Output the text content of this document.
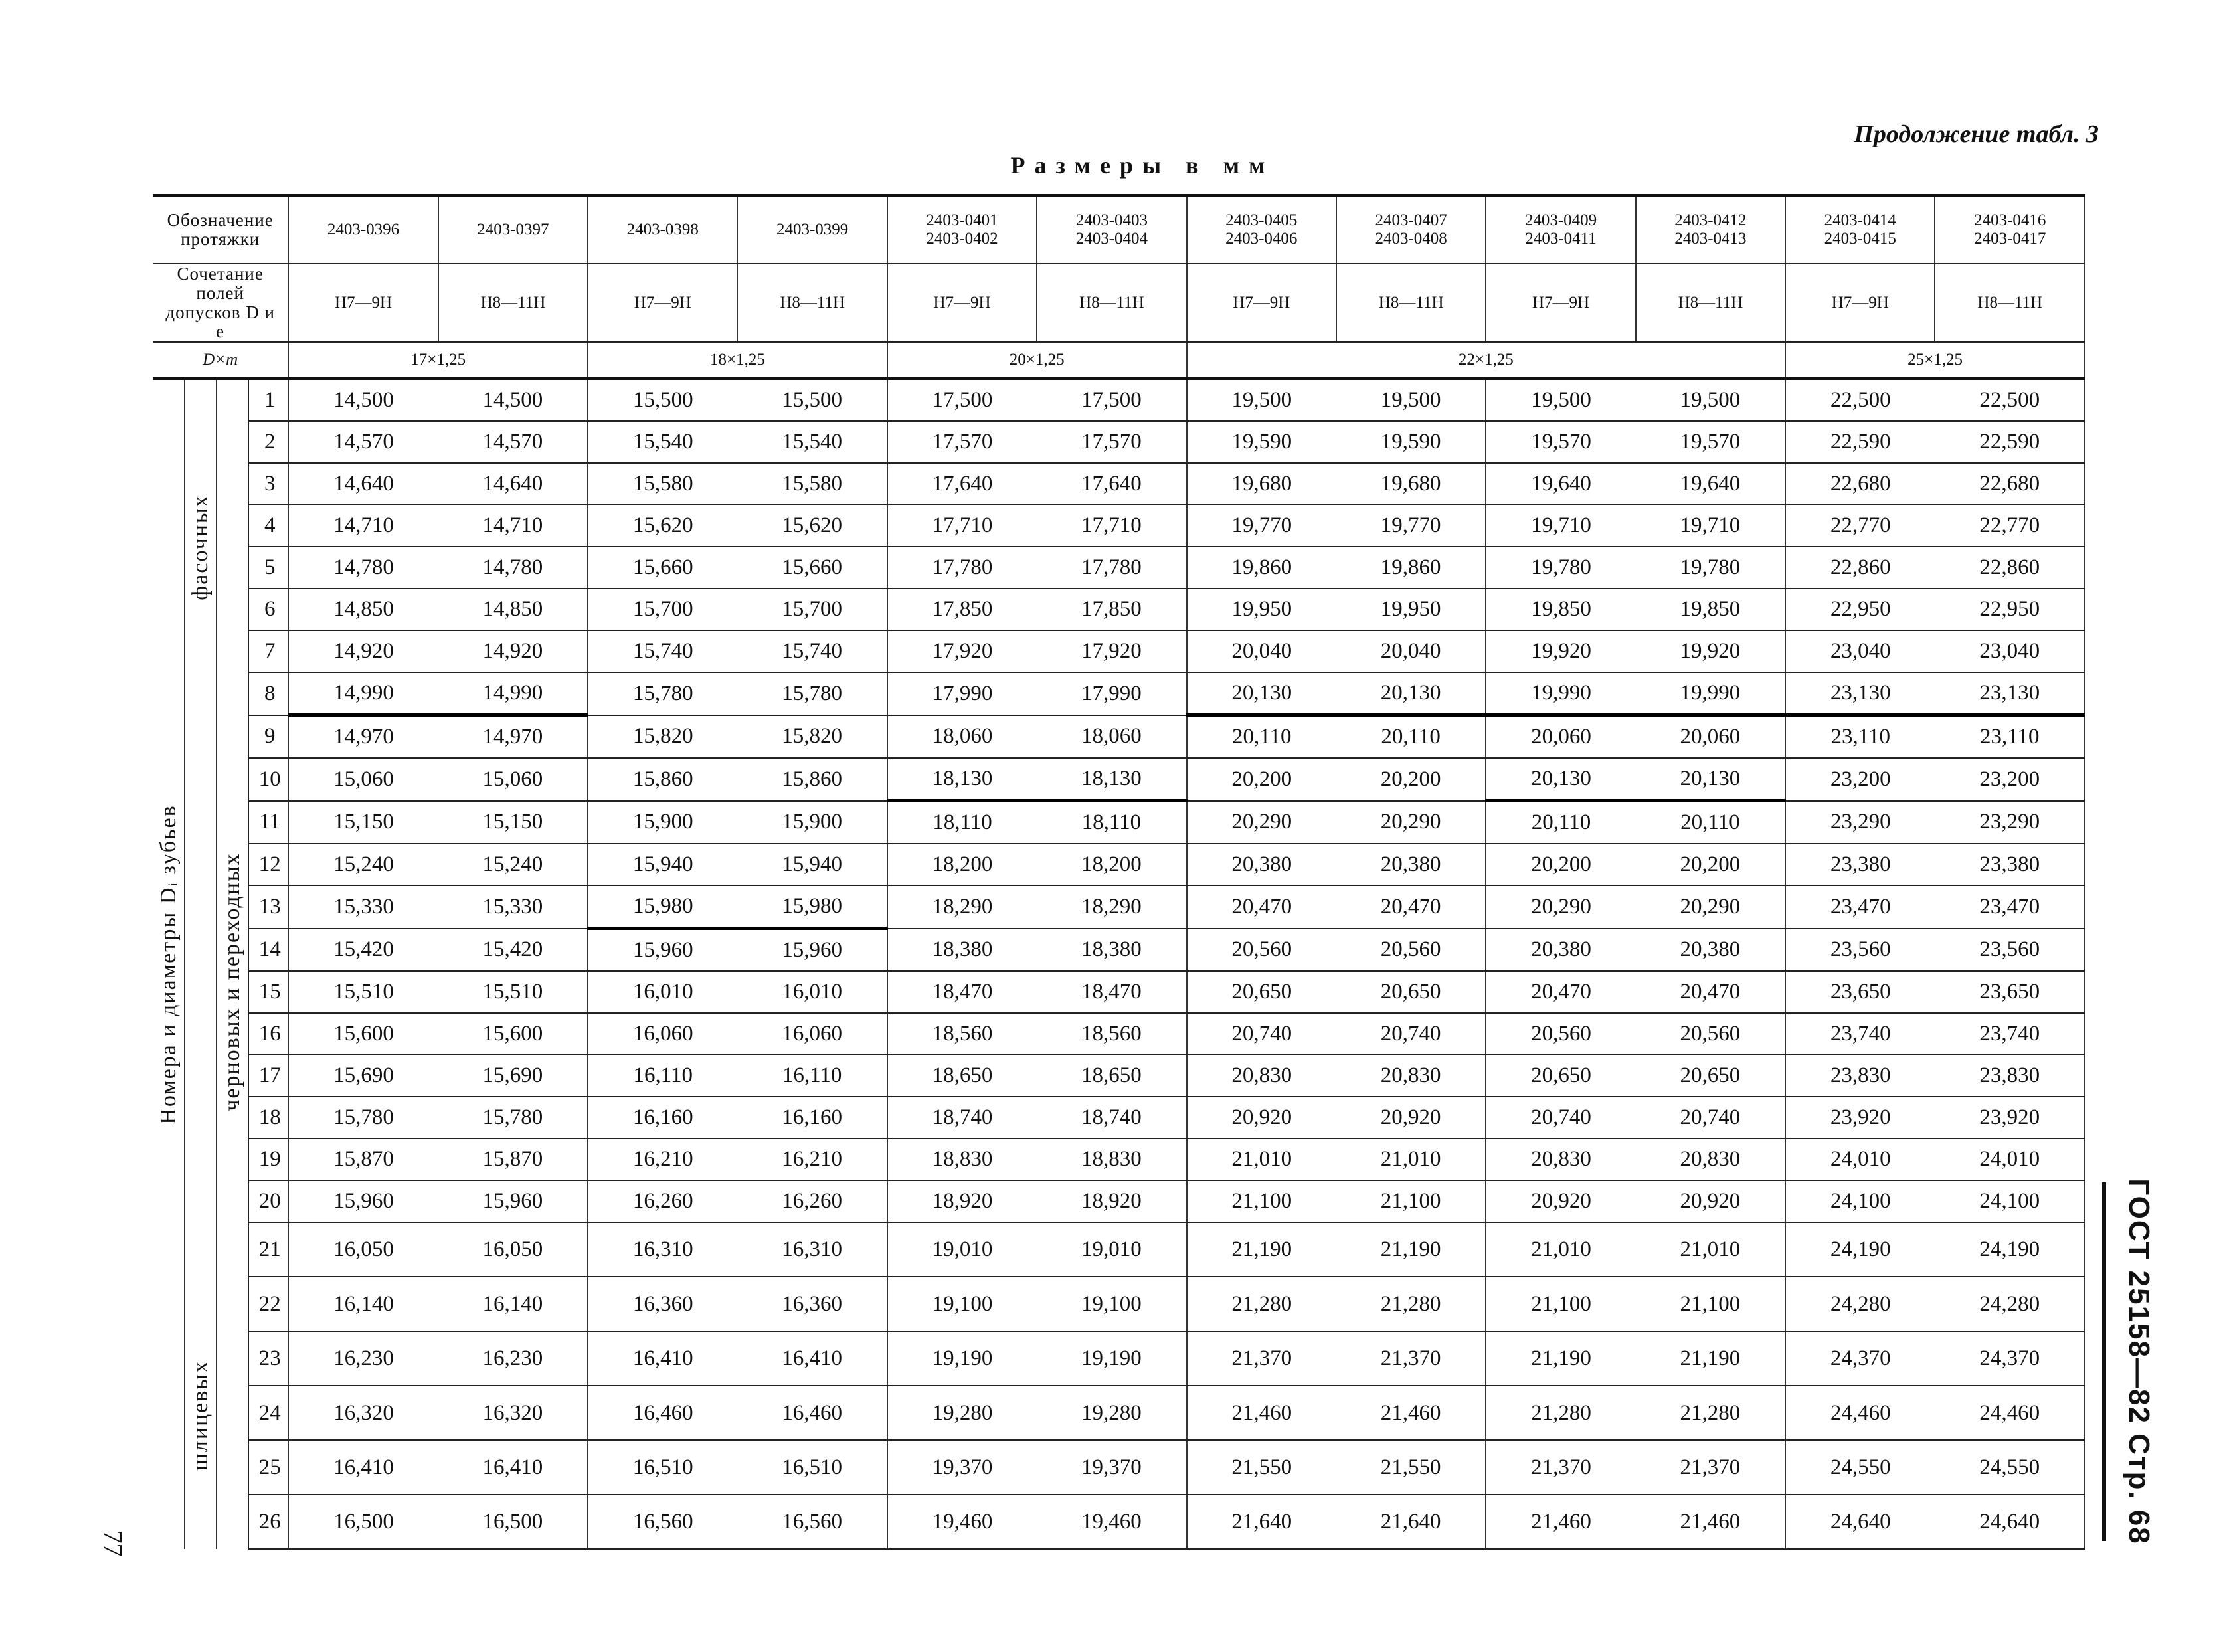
Продолжение табл. 3
Размеры в мм
Обозначение протяжки				2403-0396	2403-0397	2403-0398	2403-0399	2403-0401 2403-0402	2403-0403 2403-0404	2403-0405 2403-0406	2403-0407 2403-0408	2403-0409 2403-0411	2403-0412 2403-0413	2403-0414 2403-0415	2403-0416 2403-0417
Сочетание полей допусков D и e				H7—9H	H8—11H	H7—9H	H8—11H	H7—9H	H8—11H	H7—9H	H8—11H	H7—9H	H8—11H	H7—9H	H8—11H
D×m				17×1,25		18×1,25		20×1,25		22×1,25				25×1,25	

Номера и диаметры Dᵢ зубьев	фасочных		1	14,500	14,500	15,500	15,500	17,500	17,500	19,500	19,500	19,500	19,500	22,500	22,500
			2	14,570	14,570	15,540	15,540	17,570	17,570	19,590	19,590	19,570	19,570	22,590	22,590
			3	14,640	14,640	15,580	15,580	17,640	17,640	19,680	19,680	19,640	19,640	22,680	22,680
			4	14,710	14,710	15,620	15,620	17,710	17,710	19,770	19,770	19,710	19,710	22,770	22,770
			5	14,780	14,780	15,660	15,660	17,780	17,780	19,860	19,860	19,780	19,780	22,860	22,860
			6	14,850	14,850	15,700	15,700	17,850	17,850	19,950	19,950	19,850	19,850	22,950	22,950
			7	14,920	14,920	15,740	15,740	17,920	17,920	20,040	20,040	19,920	19,920	23,040	23,040
			8	14,990	14,990	15,780	15,780	17,990	17,990	20,130	20,130	19,990	19,990	23,130	23,130

	шлицевых	черновых и переходных	9	14,970	14,970	15,820	15,820	18,060	18,060	20,110	20,110	20,060	20,060	23,110	23,110
			10	15,060	15,060	15,860	15,860	18,130	18,130	20,200	20,200	20,130	20,130	23,200	23,200
			11	15,150	15,150	15,900	15,900	18,110	18,110	20,290	20,290	20,110	20,110	23,290	23,290
			12	15,240	15,240	15,940	15,940	18,200	18,200	20,380	20,380	20,200	20,200	23,380	23,380
			13	15,330	15,330	15,980	15,980	18,290	18,290	20,470	20,470	20,290	20,290	23,470	23,470
			14	15,420	15,420	15,960	15,960	18,380	18,380	20,560	20,560	20,380	20,380	23,560	23,560
			15	15,510	15,510	16,010	16,010	18,470	18,470	20,650	20,650	20,470	20,470	23,650	23,650
			16	15,600	15,600	16,060	16,060	18,560	18,560	20,740	20,740	20,560	20,560	23,740	23,740
			17	15,690	15,690	16,110	16,110	18,650	18,650	20,830	20,830	20,650	20,650	23,830	23,830
			18	15,780	15,780	16,160	16,160	18,740	18,740	20,920	20,920	20,740	20,740	23,920	23,920
			19	15,870	15,870	16,210	16,210	18,830	18,830	21,010	21,010	20,830	20,830	24,010	24,010
			20	15,960	15,960	16,260	16,260	18,920	18,920	21,100	21,100	20,920	20,920	24,100	24,100
			21	16,050	16,050	16,310	16,310	19,010	19,010	21,190	21,190	21,010	21,010	24,190	24,190
			22	16,140	16,140	16,360	16,360	19,100	19,100	21,280	21,280	21,100	21,100	24,280	24,280
			23	16,230	16,230	16,410	16,410	19,190	19,190	21,370	21,370	21,190	21,190	24,370	24,370
			24	16,320	16,320	16,460	16,460	19,280	19,280	21,460	21,460	21,280	21,280	24,460	24,460
			25	16,410	16,410	16,510	16,510	19,370	19,370	21,550	21,550	21,370	21,370	24,550	24,550
			26	16,500	16,500	16,560	16,560	19,460	19,460	21,640	21,640	21,460	21,460	24,640	24,640
77	ГОСТ 25158—82 Стр. 68
